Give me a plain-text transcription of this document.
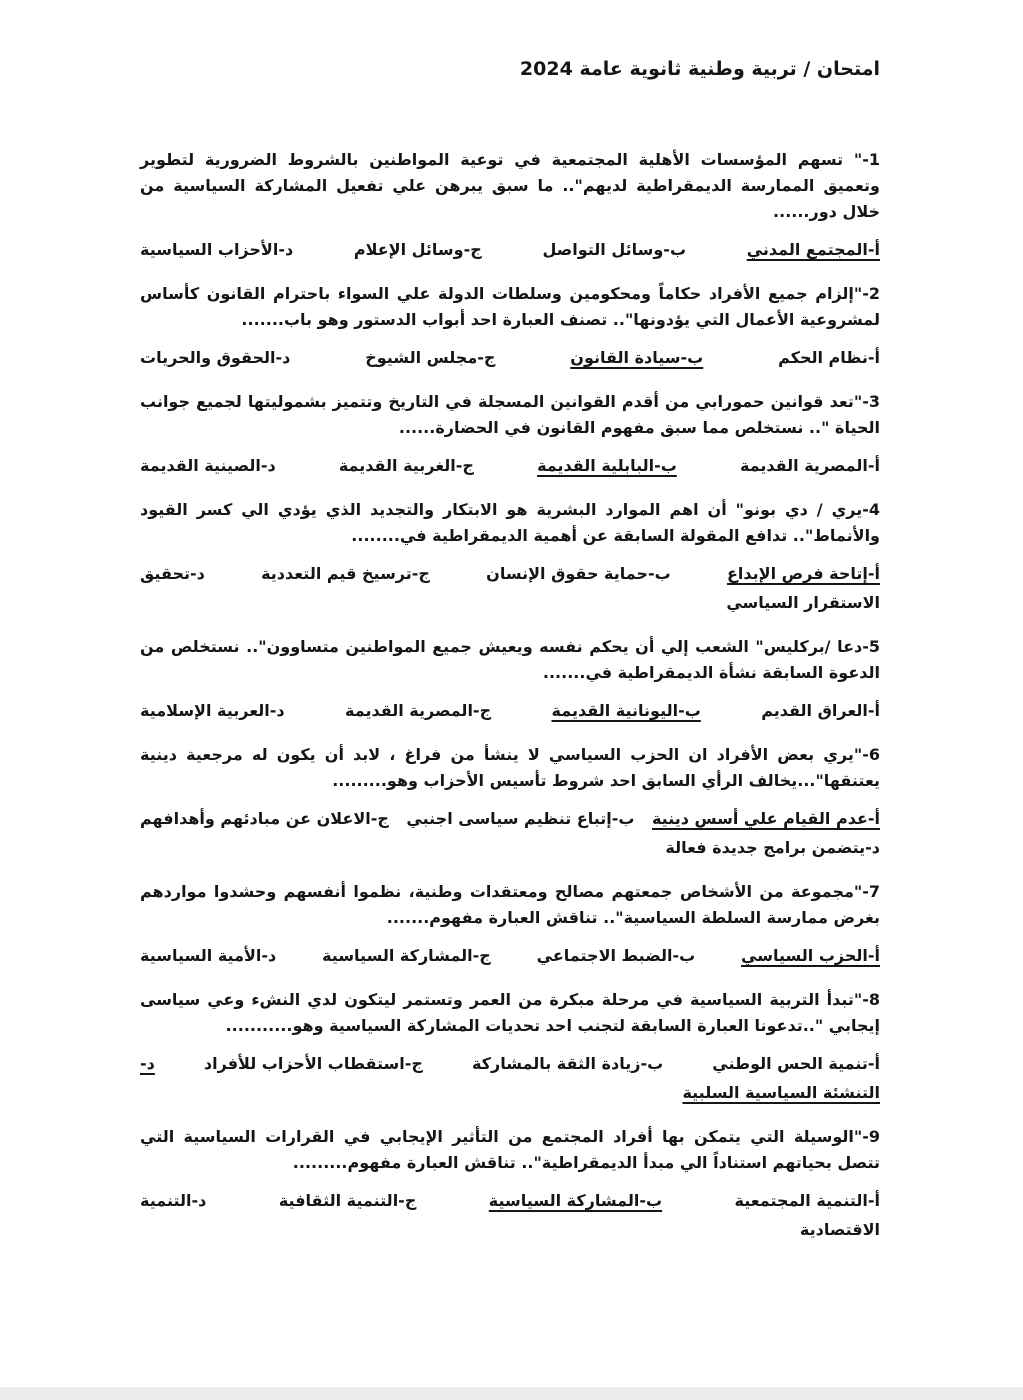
امتحان / تربية وطنية ثانوية عامة 2024

1-" تسهم المؤسسات الأهلية المجتمعية في توعية المواطنين بالشروط الضرورية لتطوير وتعميق الممارسة الديمقراطية لديهم".. ما سبق يبرهن علي تفعيل المشاركة السياسية من خلال دور......

أ-المجتمع المدني
ب-وسائل التواصل
ج-وسائل الإعلام
د-الأحزاب السياسية

2-"إلزام جميع الأفراد حكاماً ومحكومين وسلطات الدولة علي السواء باحترام القانون كأساس لمشروعية الأعمال التي يؤدونها".. تصنف العبارة احد أبواب الدستور وهو باب.......

أ-نظام الحكم
ب-سيادة القانون
ج-مجلس الشيوخ
د-الحقوق والحريات

3-"تعد قوانين حمورابي من أقدم القوانين المسجلة في التاريخ وتتميز بشموليتها لجميع جوانب الحياة ".. نستخلص مما سبق مفهوم القانون في الحضارة......

أ-المصرية القديمة
ب-البابلية القديمة
ج-الغربية القديمة
د-الصينية القديمة

4-يري / دي بونو" أن اهم الموارد البشرية هو الابتكار والتجديد الذي يؤدي الي كسر القيود والأنماط".. تدافع المقولة السابقة عن أهمية الديمقراطية في........

أ-إتاحة فرص الإبداع
ب-حماية حقوق الإنسان
ج-ترسيخ قيم التعددية
د-تحقيق
الاستقرار السياسي

5-دعا /بركليس" الشعب إلي أن يحكم نفسه ويعيش جميع المواطنين متساوون".. نستخلص من الدعوة السابقة نشأة الديمقراطية في.......

أ-العراق القديم
ب-اليونانية القديمة
ج-المصرية القديمة
د-العربية الإسلامية

6-"يري بعض الأفراد ان الحزب السياسي لا ينشأ من فراغ ، لابد أن يكون له مرجعية دينية يعتنقها"...يخالف الرأي السابق احد شروط تأسيس الأحزاب وهو.........

أ-عدم القيام علي أسس دينية
ب-إتباع تنظيم سياسى اجنبي
ج-الاعلان عن مبادئهم وأهدافهم
د-يتضمن برامج جديدة فعالة

7-"مجموعة من الأشخاص جمعتهم مصالح ومعتقدات وطنية، نظموا أنفسهم وحشدوا مواردهم بغرض ممارسة السلطة السياسية".. تناقش العبارة مفهوم.......

أ-الحزب السياسي
ب-الضبط الاجتماعي
ج-المشاركة السياسية
د-الأمية السياسية

8-"تبدأ التربية السياسية في مرحلة مبكرة من العمر وتستمر ليتكون لدي النشء وعي سياسى إيجابي "..تدعونا العبارة السابقة لتجنب احد تحديات المشاركة السياسية وهو...........

أ-تنمية الحس الوطني
ب-زيادة الثقة بالمشاركة
ج-استقطاب الأحزاب للأفراد
د-
التنشئة السياسية السلبية

9-"الوسيلة التي يتمكن بها أفراد المجتمع من التأثير الإيجابي في القرارات السياسية التي تتصل بحياتهم استناداً الي مبدأ الديمقراطية".. تناقش العبارة مفهوم.........

أ-التنمية المجتمعية
ب-المشاركة السياسية
ج-التنمية الثقافية
د-التنمية
الاقتصادية
